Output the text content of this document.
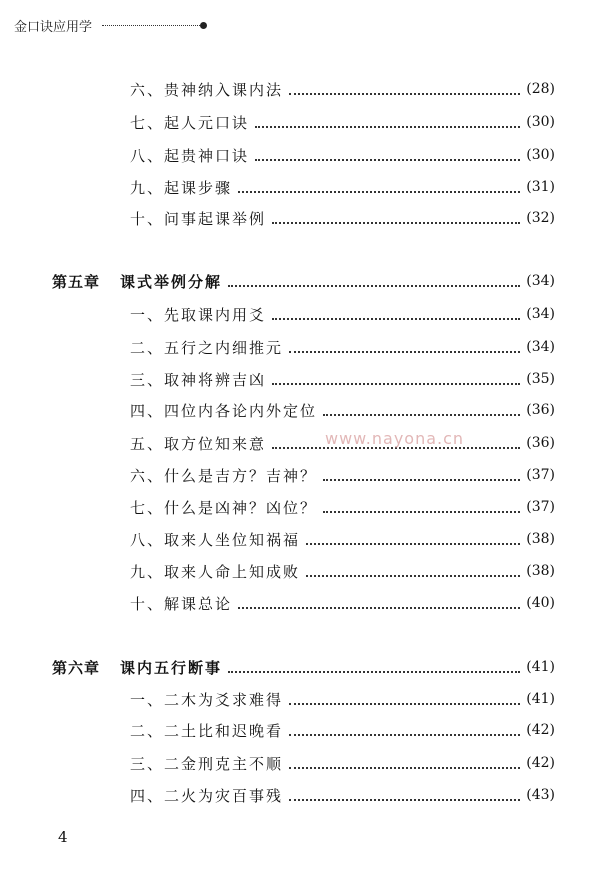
金口诀应用学
六、贵神纳入课内法	(28)
七、起人元口诀	(30)
八、起贵神口诀	(30)
九、起课步骤	(31)
十、问事起课举例	(32)
第五章 课式举例分解	(34)
一、先取课内用爻	(34)
二、五行之内细推元	(34)
三、取神将辨吉凶	(35)
四、四位内各论内外定位	(36)
五、取方位知来意	(36)
六、什么是吉方？吉神？	(37)
七、什么是凶神？凶位？	(37)
八、取来人坐位知祸福	(38)
九、取来人命上知成败	(38)
十、解课总论	(40)
第六章 课内五行断事	(41)
一、二木为爻求难得	(41)
二、二土比和迟晚看	(42)
三、二金刑克主不顺	(42)
四、二火为灾百事残	(43)
www.nayona.cn
4
